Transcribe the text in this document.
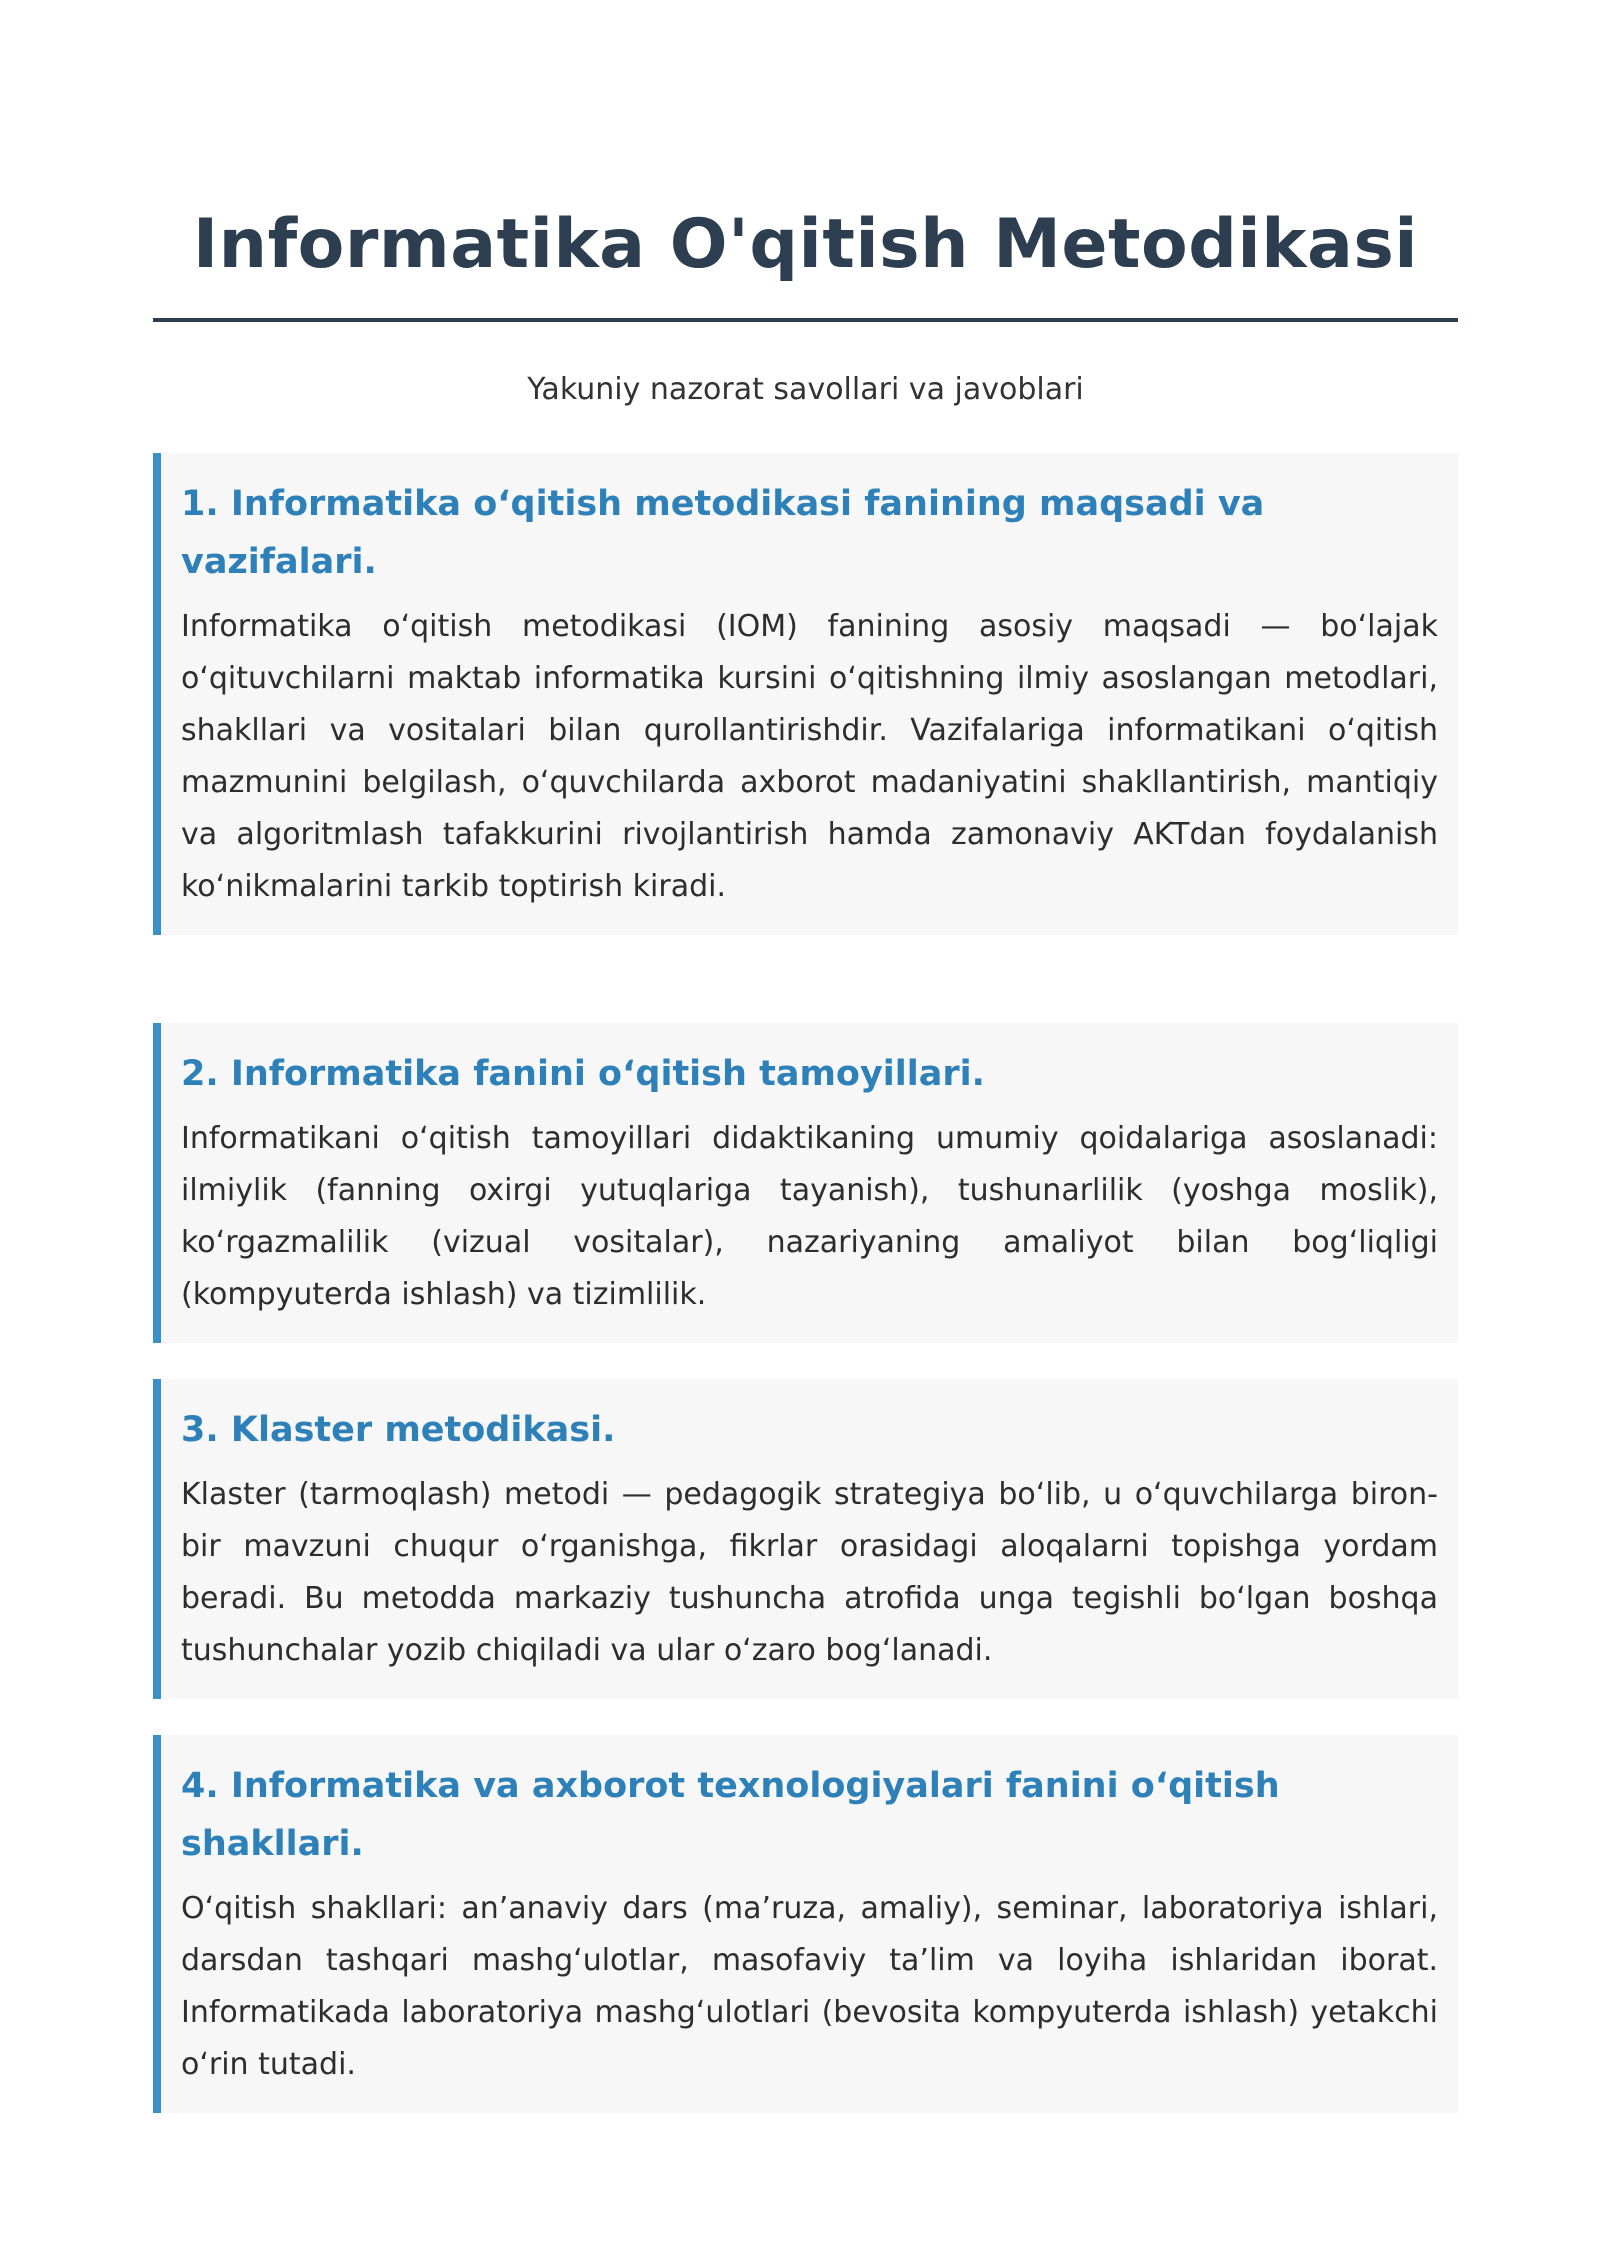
Informatika O'qitish Metodikasi
Yakuniy nazorat savollari va javoblari
1. Informatika oʻqitish metodikasi fanining maqsadi va vazifalari.

Informatika oʻqitish metodikasi (IOM) fanining asosiy maqsadi — boʻlajak oʻqituvchilarni maktab informatika kursini oʻqitishning ilmiy asoslangan metodlari, shakllari va vositalari bilan qurollantirishdir. Vazifalariga informatikani oʻqitish mazmunini belgilash, oʻquvchilarda axborot madaniyatini shakllantirish, mantiqiy va algoritmlash tafakkurini rivojlantirish hamda zamonaviy AKTdan foydalanish koʻnikmalarini tarkib toptirish kiradi.

2. Informatika fanini oʻqitish tamoyillari.

Informatikani oʻqitish tamoyillari didaktikaning umumiy qoidalariga asoslanadi: ilmiylik (fanning oxirgi yutuqlariga tayanish), tushunarlilik (yoshga moslik), koʻrgazmalilik (vizual vositalar), nazariyaning amaliyot bilan bogʻliqligi (kompyuterda ishlash) va tizimlilik.

3. Klaster metodikasi.

Klaster (tarmoqlash) metodi — pedagogik strategiya boʻlib, u oʻquvchilarga biron-bir mavzuni chuqur oʻrganishga, fikrlar orasidagi aloqalarni topishga yordam beradi. Bu metodda markaziy tushuncha atrofida unga tegishli boʻlgan boshqa tushunchalar yozib chiqiladi va ular oʻzaro bogʻlanadi.

4. Informatika va axborot texnologiyalari fanini oʻqitish shakllari.

Oʻqitish shakllari: anʼanaviy dars (maʼruza, amaliy), seminar, laboratoriya ishlari, darsdan tashqari mashgʻulotlar, masofaviy taʼlim va loyiha ishlaridan iborat. Informatikada laboratoriya mashgʻulotlari (bevosita kompyuterda ishlash) yetakchi oʻrin tutadi.
